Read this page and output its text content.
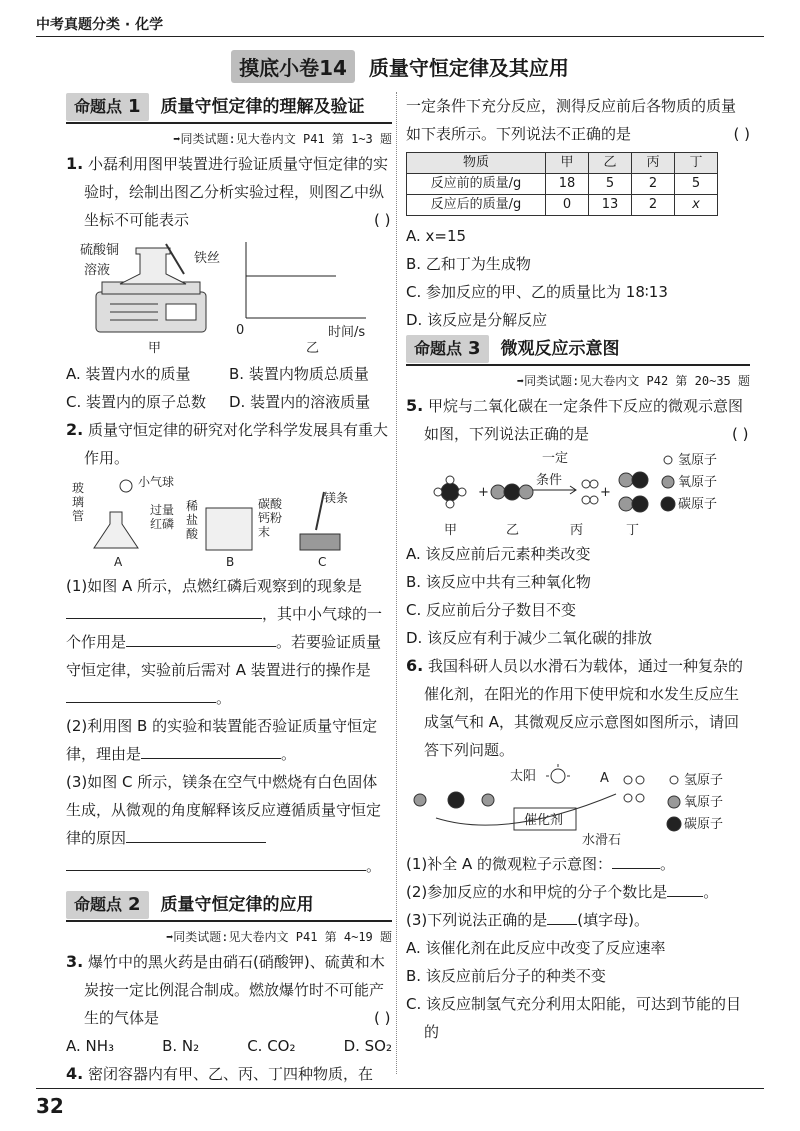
中考真题分类 · 化学
摸底小卷14 质量守恒定律及其应用
命题点 1	质量守恒定律的理解及验证
➡同类试题:见大卷内文 P41 第 1~3 题

1. 小磊利用图甲装置进行验证质量守恒定律的实验时，绘制出图乙分析实验过程，则图乙中纵坐标不可能表示	( )

硫酸铜
溶液
铁丝
甲	乙
0	时间/s
A. 装置内水的质量	B. 装置内物质总质量
C. 装置内的原子总数	D. 装置内的溶液质量

2. 质量守恒定律的研究对化学科学发展具有重大作用。

玻
璃
管
小气球
过量
红磷
稀
盐
酸
碳酸
钙粉
末
镁条
A	B	C

(1)如图 A 所示，点燃红磷后观察到的现象是，其中小气球的一个作用是	。若要验证质量守恒定律，实验前后需对 A 装置进行的操作是。

(2)利用图 B 的实验和装置能否验证质量守恒定律，理由是	。

(3)如图 C 所示，镁条在空气中燃烧有白色固体生成，从微观的角度解释该反应遵循质量守恒定律的原因

。

命题点 2	质量守恒定律的应用
➡同类试题:见大卷内文 P41 第 4~19 题

3. 爆竹中的黑火药是由硝石(硝酸钾)、硫黄和木炭按一定比例混合制成。燃放爆竹时不可能产生的气体是	( )

A. NH₃	B. N₂	C. CO₂	D. SO₂

4. 密闭容器内有甲、乙、丙、丁四种物质，在

一定条件下充分反应，测得反应前后各物质的质量如下表所示。下列说法不正确的是	( )

物质	甲	乙	丙	丁
反应前的质量/g	18	5	2	5
反应后的质量/g	0	13	2	x

A. x=15

B. 乙和丁为生成物

C. 参加反应的甲、乙的质量比为 18∶13

D. 该反应是分解反应

命题点 3	微观反应示意图
➡同类试题:见大卷内文 P42 第 20~35 题

5. 甲烷与二氧化碳在一定条件下反应的微观示意图如图，下列说法正确的是	( )

一定
条件
甲	乙	丙	丁
氢原子
氧原子
碳原子
+	+

A. 该反应前后元素种类改变

B. 该反应中共有三种氧化物

C. 反应前后分子数目不变

D. 该反应有利于减少二氧化碳的排放

6. 我国科研人员以水滑石为载体，通过一种复杂的催化剂，在阳光的作用下使甲烷和水发生反应生成氢气和 A，其微观反应示意图如图所示，请回答下列问题。

太阳	A
催化剂
水滑石
氢原子
氧原子
碳原子

(1)补全 A 的微观粒子示意图：	。

(2)参加反应的水和甲烷的分子个数比是 。

(3)下列说法正确的是 (填字母)。

A. 该催化剂在此反应中改变了反应速率

B. 该反应前后分子的种类不变

C. 该反应制氢气充分利用太阳能，可达到节能的目的

32
